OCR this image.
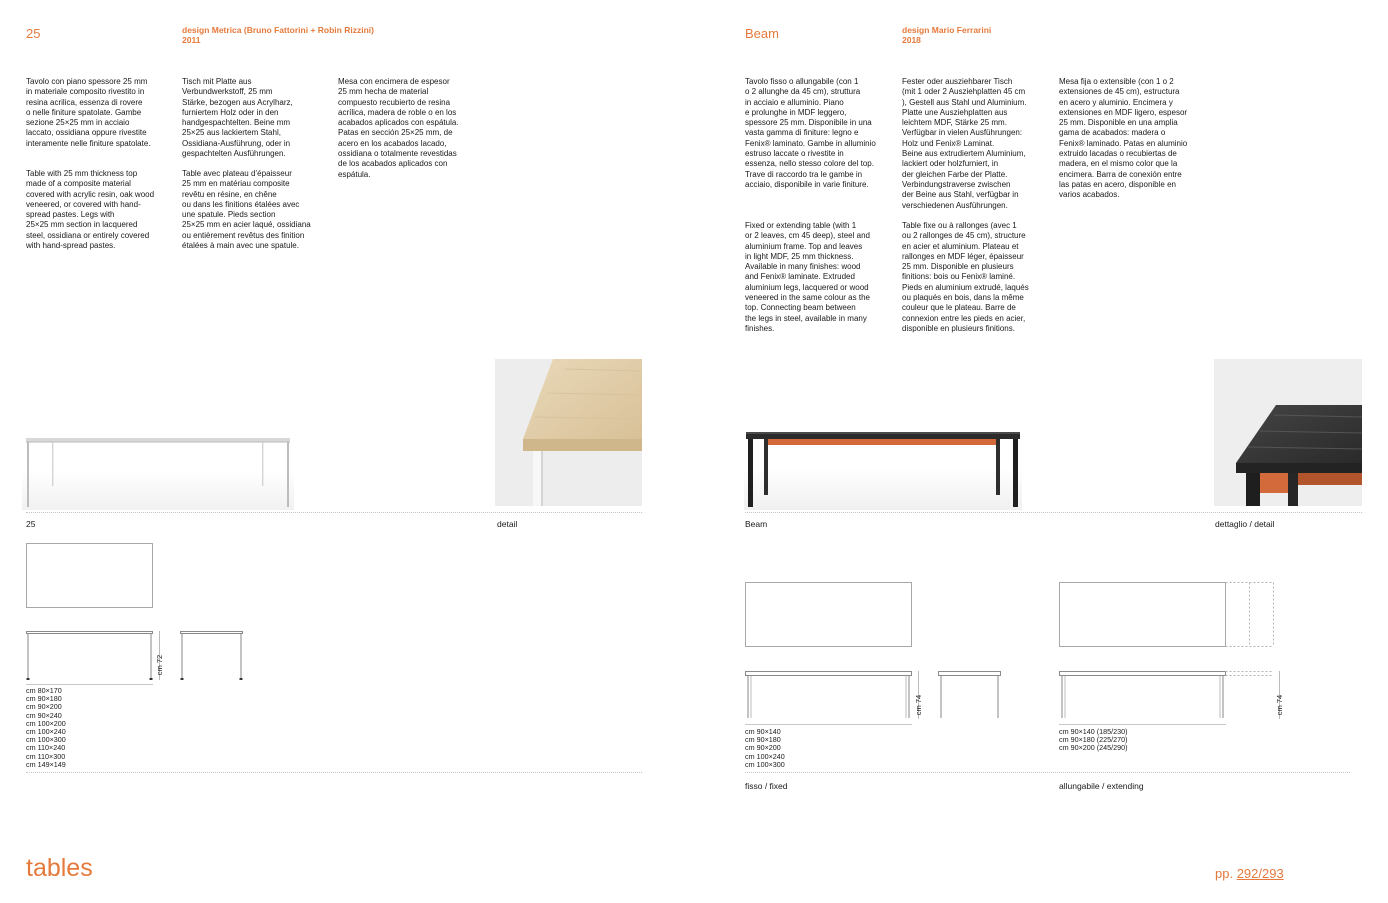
25	design Metrica (Bruno Fattorini + Robin Rizzini)
2011
Tavolo con piano spessore 25 mm
in materiale composito rivestito in
resina acrilica, essenza di rovere
o nelle finiture spatolate. Gambe
sezione 25×25 mm in acciaio
laccato, ossidiana oppure rivestite
interamente nelle finiture spatolate.
Table with 25 mm thickness top
made of a composite material
covered with acrylic resin, oak wood
veneered, or covered with hand-
spread pastes. Legs with
25×25 mm section in lacquered
steel, ossidiana or entirely covered
with hand-spread pastes.
Tisch mit Platte aus
Verbundwerkstoff, 25 mm
Stärke, bezogen aus Acrylharz,
furniertem Holz oder in den
handgespachtelten. Beine mm
25×25 aus lackiertem Stahl,
Ossidiana-Ausführung, oder in
gespachtelten Ausführungen.
Table avec plateau d’épaisseur
25 mm en matériau composite
revêtu en résine, en chêne
ou dans les finitions étalées avec
une spatule. Pieds section
25×25 mm en acier laqué, ossidiana
ou entièrement revêtus des finition
étalées à main avec une spatule.
Mesa con encimera de espesor
25 mm hecha de material
compuesto recubierto de resina
acrílica, madera de roble o en los
acabados aplicados con espátula.
Patas en sección 25×25 mm, de
acero en los acabados lacado,
ossidiana o totalmente revestidas
de los acabados aplicados con
espátula.
25	detail
cm 72
cm 80×170
cm 90×180
cm 90×200
cm 90×240
cm 100×200
cm 100×240
cm 100×300
cm 110×240
cm 110×300
cm 149×149
Beam	design Mario Ferrarini
2018
Tavolo fisso o allungabile (con 1
o 2 allunghe da 45 cm), struttura
in acciaio e alluminio. Piano
e prolunghe in MDF leggero,
spessore 25 mm. Disponibile in una
vasta gamma di finiture: legno e
Fenix® laminato. Gambe in alluminio
estruso laccate o rivestite in
essenza, nello stesso colore del top.
Trave di raccordo tra le gambe in
acciaio, disponibile in varie finiture.
Fixed or extending table (with 1
or 2 leaves, cm 45 deep), steel and
aluminium frame. Top and leaves
in light MDF, 25 mm thickness.
Available in many finishes: wood
and Fenix® laminate. Extruded
aluminium legs, lacquered or wood
veneered in the same colour as the
top. Connecting beam between
the legs in steel, available in many
finishes.
Fester oder ausziehbarer Tisch
(mit 1 oder 2 Ausziehplatten 45 cm
), Gestell aus Stahl und Aluminium.
Platte une Ausziehplatten aus
leichtem MDF, Stärke 25 mm.
Verfügbar in vielen Ausführungen:
Holz und Fenix® Laminat.
Beine aus extrudiertem Aluminium,
lackiert oder holzfurniert, in
der gleichen Farbe der Platte.
Verbindungstraverse zwischen
der Beine aus Stahl, verfügbar in
verschiedenen Ausführungen.
Table fixe ou à rallonges (avec 1
ou 2 rallonges de 45 cm), structure
en acier et aluminium. Plateau et
rallonges en MDF léger, épaisseur
25 mm. Disponible en plusieurs
finitions: bois ou Fenix® laminé.
Pieds en aluminium extrudé, laqués
ou plaqués en bois, dans la même
couleur que le plateau. Barre de
connexion entre les pieds en acier,
disponible en plusieurs finitions.
Mesa fija o extensible (con 1 o 2
extensiones de 45 cm), estructura
en acero y aluminio. Encimera y
extensiones en MDF ligero, espesor
25 mm. Disponible en una amplia
gama de acabados: madera o
Fenix® laminado. Patas en aluminio
extruido lacadas o recubiertas de
madera, en el mismo color que la
encimera. Barra de conexión entre
las patas en acero, disponible en
varios acabados.
Beam	dettaglio / detail
cm 74
cm 90×140
cm 90×180
cm 90×200
cm 100×240
cm 100×300
cm 74
cm 90×140 (185/230)
cm 90×180 (225/270)
cm 90×200 (245/290)
fisso / fixed	allungabile / extending
tables	pp. 292/293
